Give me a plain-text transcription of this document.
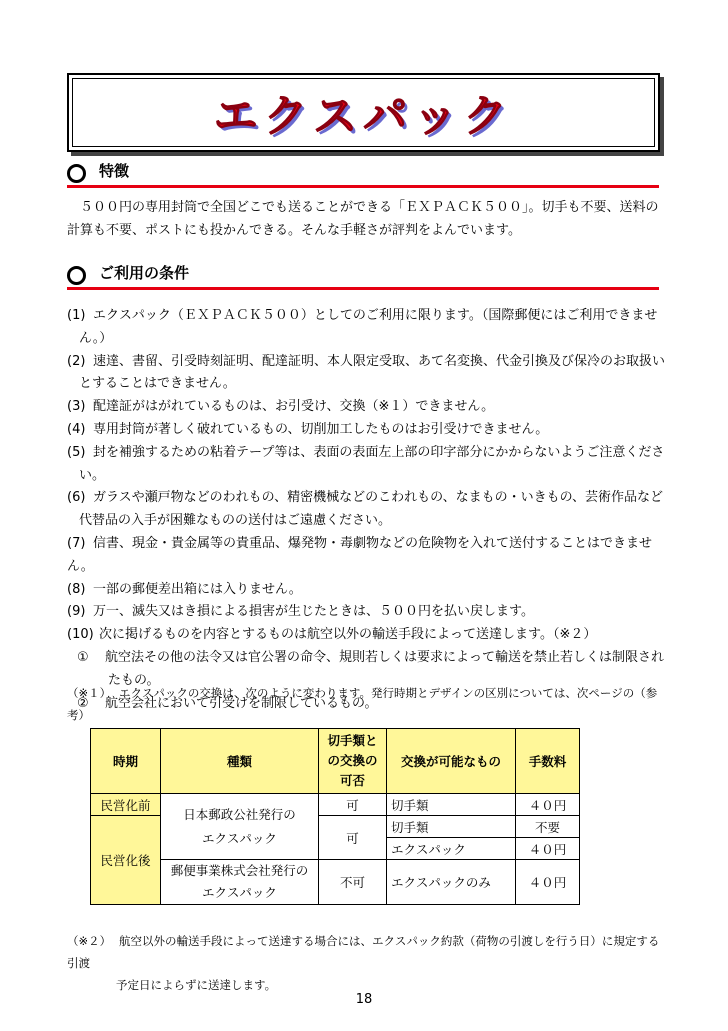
エクスパック
特徴
５００円の専用封筒で全国どこでも送ることができる「ＥＸＰＡＣＫ５００」。切手も不要、送料の
計算も不要、ポストにも投かんできる。そんな手軽さが評判をよんでいます。
ご利用の条件
(1) エクスパック（ＥＸＰＡＣＫ５００）としてのご利用に限ります。（国際郵便にはご利用できませ
ん。）
(2) 速達、書留、引受時刻証明、配達証明、本人限定受取、あて名変換、代金引換及び保冷のお取扱い
とすることはできません。
(3) 配達証がはがれているものは、お引受け、交換（※１）できません。
(4) 専用封筒が著しく破れているもの、切削加工したものはお引受けできません。
(5) 封を補強するための粘着テープ等は、表面の表面左上部の印字部分にかからないようご注意くださ
い。
(6) ガラスや瀬戸物などのわれもの、精密機械などのこわれもの、なまもの・いきもの、芸術作品など
代替品の入手が困難なものの送付はご遠慮ください。
(7) 信書、現金・貴金属等の貴重品、爆発物・毒劇物などの危険物を入れて送付することはできません。
(8) 一部の郵便差出箱には入りません。
(9) 万一、滅失又はき損による損害が生じたときは、５００円を払い戻します。
(10) 次に掲げるものを内容とするものは航空以外の輸送手段によって送達します。（※２）
① 航空法その他の法令又は官公署の命令、規則若しくは要求によって輸送を禁止若しくは制限され
たもの。
② 航空会社において引受けを制限しているもの。
（※１） エクスパックの交換は、次のように変わります。発行時期とデザインの区別については、次ページの（参考）
時期	種類	切手類と
の交換の
可否	交換が可能なもの	手数料
民営化前	日本郵政公社発行の
エクスパック	可	切手類	４０円
民営化後		可	切手類	不要
			エクスパック	４０円

	郵便事業株式会社発行の
エクスパック	不可	エクスパックのみ	４０円

（※２） 航空以外の輸送手段によって送達する場合には、エクスパック約款（荷物の引渡しを行う日）に規定する引渡
予定日によらずに送達します。
18
